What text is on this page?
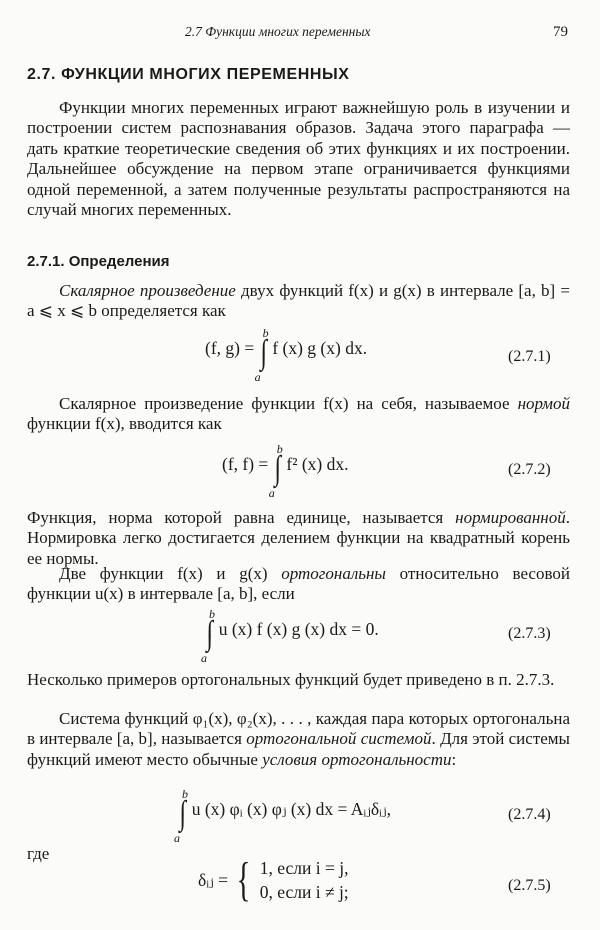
2.7 Функции многих переменных	79
2.7. ФУНКЦИИ МНОГИХ ПЕРЕМЕННЫХ

Функции многих переменных играют важнейшую роль в изучении и построении систем распознавания образов. Задача этого параграфа — дать краткие теоретические сведения об этих функциях и их построении. Дальнейшее обсуждение на первом этапе ограничивается функциями одной переменной, а затем полученные результаты распространяются на случай многих переменных.

2.7.1. Определения

Скалярное произведение двух функций f(x) и g(x) в интервале [a, b] = a ⩽ x ⩽ b определяется как

(f, g) = ∫
b
a
f (x) g (x) dx.	(2.7.1)

Скалярное произведение функции f(x) на себя, называемое нормой функции f(x), вводится как

(f, f) = ∫
b
a
f² (x) dx.	(2.7.2)

Функция, норма которой равна единице, называется нормированной. Нормировка легко достигается делением функции на квадратный корень ее нормы.

Две функции f(x) и g(x) ортогональны относительно весовой функции u(x) в интервале [a, b], если

∫
b
a
u (x) f (x) g (x) dx = 0.	(2.7.3)

Несколько примеров ортогональных функций будет приведено в п. 2.7.3.

Система функций φ₁(x), φ₂(x), . . . , каждая пара которых ортогональна в интервале [a, b], называется ортогональной системой. Для этой системы функций имеют место обычные условия ортогональности:

∫
b
a
u (x) φᵢ (x) φⱼ (x) dx = Aᵢⱼδᵢⱼ,	(2.7.4)
где
δᵢⱼ = { 1, если i = j,
0, если i ≠ j;	(2.7.5)
